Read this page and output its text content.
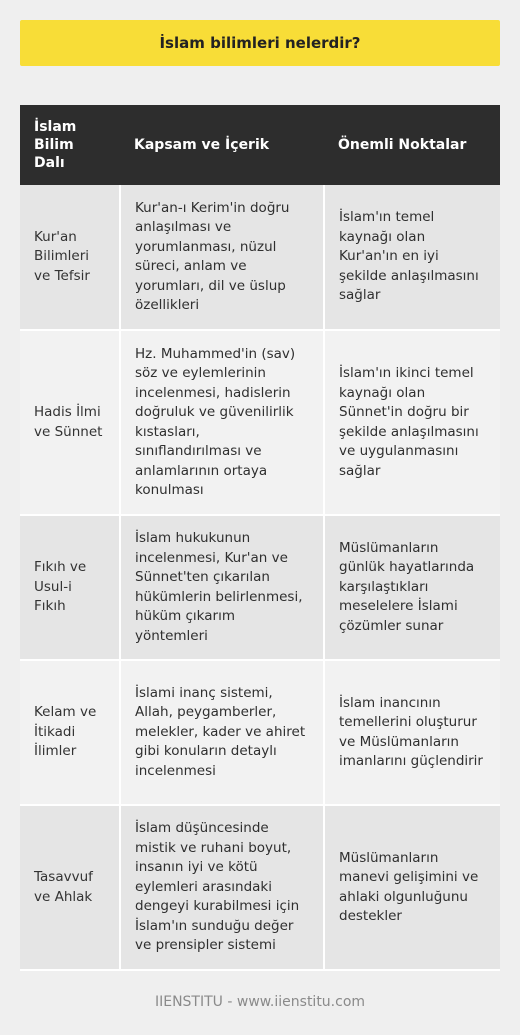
İslam bilimleri nelerdir?
İslam Bilim Dalı	Kapsam ve İçerik	Önemli Noktalar
Kur'an Bilimleri ve Tefsir	Kur'an-ı Kerim'in doğru anlaşılması ve yorumlanması, nüzul süreci, anlam ve yorumları, dil ve üslup özellikleri	İslam'ın temel kaynağı olan Kur'an'ın en iyi şekilde anlaşılmasını sağlar
Hadis İlmi ve Sünnet	Hz. Muhammed'in (sav) söz ve eylemlerinin incelenmesi, hadislerin doğruluk ve güvenilirlik kıstasları, sınıflandırılması ve anlamlarının ortaya konulması	İslam'ın ikinci temel kaynağı olan Sünnet'in doğru bir şekilde anlaşılmasını ve uygulanmasını sağlar
Fıkıh ve Usul-i Fıkıh	İslam hukukunun incelenmesi, Kur'an ve Sünnet'ten çıkarılan hükümlerin belirlenmesi, hüküm çıkarım yöntemleri	Müslümanların günlük hayatlarında karşılaştıkları meselelere İslami çözümler sunar
Kelam ve İtikadi İlimler	İslami inanç sistemi, Allah, peygamberler, melekler, kader ve ahiret gibi konuların detaylı incelenmesi	İslam inancının temellerini oluşturur ve Müslümanların imanlarını güçlendirir
Tasavvuf ve Ahlak	İslam düşüncesinde mistik ve ruhani boyut, insanın iyi ve kötü eylemleri arasındaki dengeyi kurabilmesi için İslam'ın sunduğu değer ve prensipler sistemi	Müslümanların manevi gelişimini ve ahlaki olgunluğunu destekler
IIENSTITU - www.iienstitu.com
